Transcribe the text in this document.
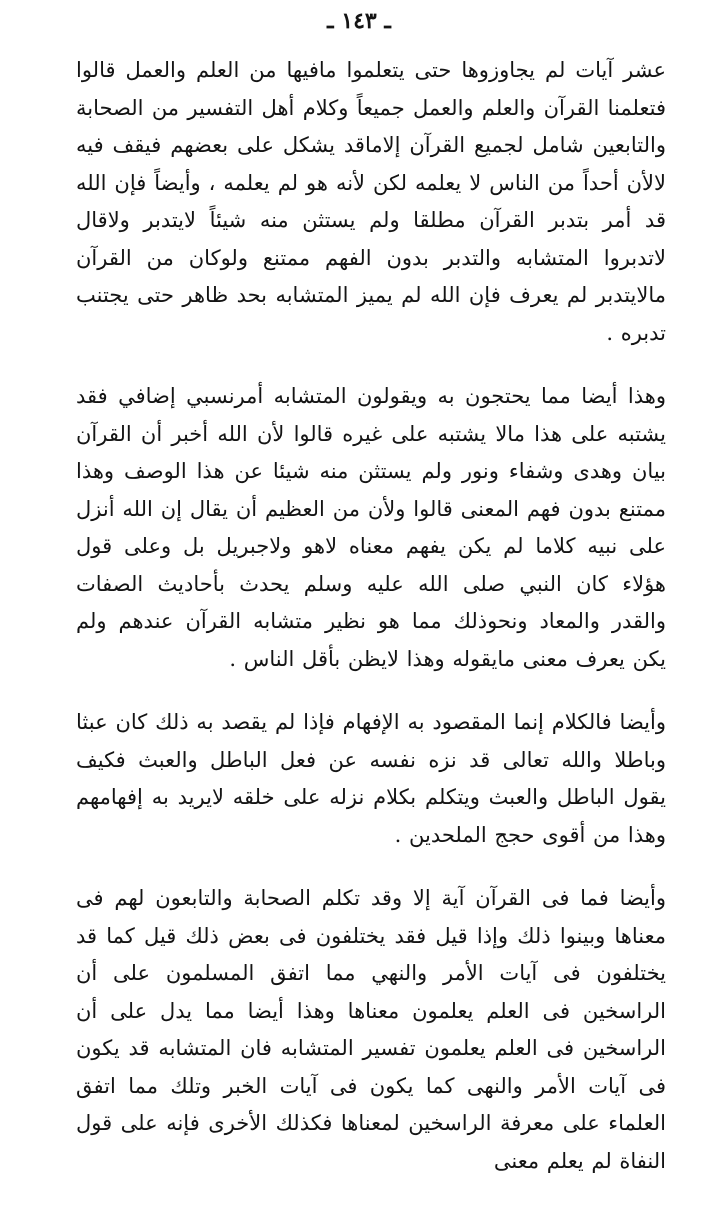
ـ ١٤٣ ـ

عشر آيات لم يجاوزوها حتى يتعلموا مافيها من العلم والعمل قالوا فتعلمنا القرآن والعلم والعمل جميعاً وكلام أهل التفسير من الصحابة والتابعين شامل لجميع القرآن إلاماقد يشكل على بعضهم فيقف فيه لالأن أحداً من الناس لا يعلمه لكن لأنه هو لم يعلمه ، وأيضاً فإن الله قد أمر بتدبر القرآن مطلقا ولم يستثن منه شيئاً لايتدبر ولاقال لاتدبروا المتشابه والتدبر بدون الفهم ممتنع ولوكان من القرآن مالايتدبر لم يعرف فإن الله لم يميز المتشابه بحد ظاهر حتى يجتنب تدبره .

وهذا أيضا مما يحتجون به ويقولون المتشابه أمرنسبي إضافي فقد يشتبه على هذا مالا يشتبه على غيره قالوا لأن الله أخبر أن القرآن بيان وهدى وشفاء ونور ولم يستثن منه شيئا عن هذا الوصف وهذا ممتنع بدون فهم المعنى قالوا ولأن من العظيم أن يقال إن الله أنزل على نبيه كلاما لم يكن يفهم معناه لاهو ولاجبريل بل وعلى قول هؤلاء كان النبي صلى الله عليه وسلم يحدث بأحاديث الصفات والقدر والمعاد ونحوذلك مما هو نظير متشابه القرآن عندهم ولم يكن يعرف معنى مايقوله وهذا لايظن بأقل الناس .

وأيضا فالكلام إنما المقصود به الإفهام فإذا لم يقصد به ذلك كان عبثا وباطلا والله تعالى قد نزه نفسه عن فعل الباطل والعبث فكيف يقول الباطل والعبث ويتكلم بكلام نزله على خلقه لايريد به إفهامهم وهذا من أقوى حجج الملحدين .

وأيضا فما فى القرآن آية إلا وقد تكلم الصحابة والتابعون لهم فى معناها وبينوا ذلك وإذا قيل فقد يختلفون فى بعض ذلك قيل كما قد يختلفون فى آيات الأمر والنهي مما اتفق المسلمون على أن الراسخين فى العلم يعلمون معناها وهذا أيضا مما يدل على أن الراسخين فى العلم يعلمون تفسير المتشابه فان المتشابه قد يكون فى آيات الأمر والنهى كما يكون فى آيات الخبر وتلك مما اتفق العلماء على معرفة الراسخين لمعناها فكذلك الأخرى فإنه على قول النفاة لم يعلم معنى
